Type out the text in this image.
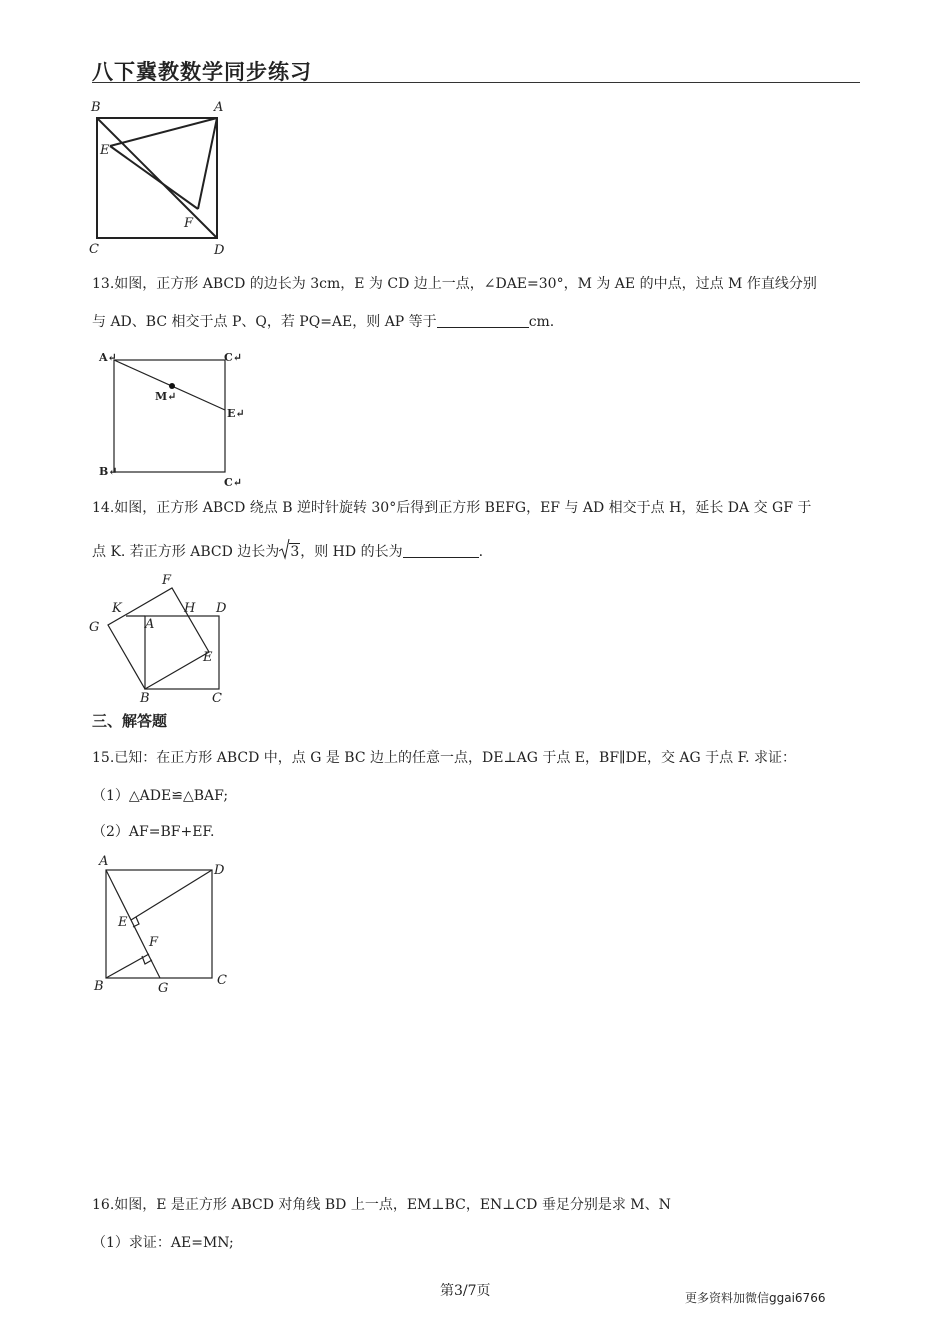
八下冀教数学同步练习
B	A
E
F
C	D
13.如图，正方形 ABCD 的边长为 3cm，E 为 CD 边上一点，∠DAE=30°，M 为 AE 的中点，过点 M 作直线分别
与 AD、BC 相交于点 P、Q，若 PQ=AE，则 AP 等于	cm.
A↵	C↵
M↵
E↵
B↵
C↵
14.如图，正方形 ABCD 绕点 B 逆时针旋转 30°后得到正方形 BEFG，EF 与 AD 相交于点 H，延长 DA 交 GF 于
点 K. 若正方形 ABCD 边长为 3，则 HD 的长为	.
F
K	H D
G	A
E
B	C
三、解答题
15.已知：在正方形 ABCD 中，点 G 是 BC 边上的任意一点，DE⊥AG 于点 E，BF∥DE，交 AG 于点 F. 求证：
（1）△ADE≌△BAF;
（2）AF=BF+EF.
A
D
E
F
B	G
C
16.如图，E 是正方形 ABCD 对角线 BD 上一点，EM⊥BC，EN⊥CD 垂足分别是求 M、N
（1）求证：AE=MN;
第3/7页	更多资料加微信ggai6766
